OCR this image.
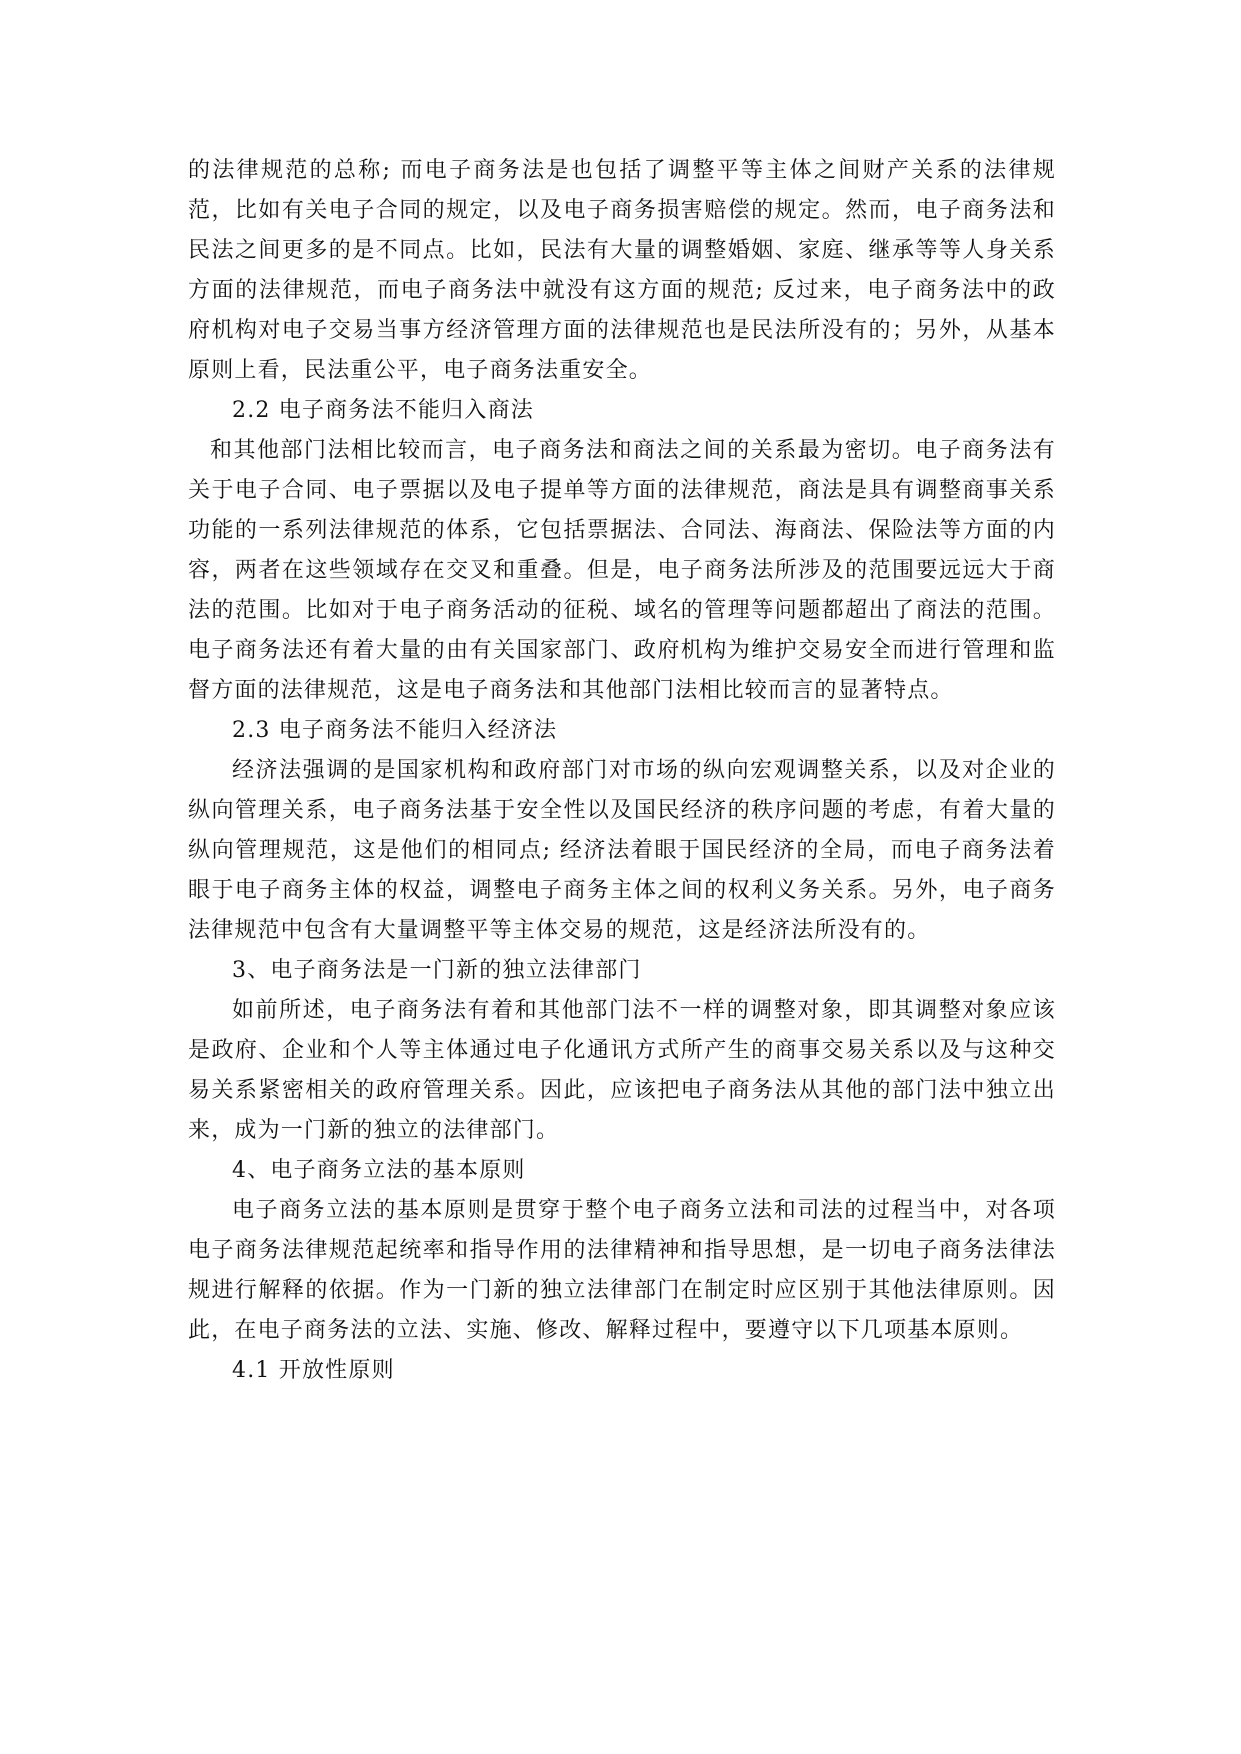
的法律规范的总称; 而电子商务法是也包括了调整平等主体之间财产关系的法律规范，比如有关电子合同的规定，以及电子商务损害赔偿的规定。然而，电子商务法和民法之间更多的是不同点。比如，民法有大量的调整婚姻、家庭、继承等等人身关系方面的法律规范，而电子商务法中就没有这方面的规范; 反过来，电子商务法中的政府机构对电子交易当事方经济管理方面的法律规范也是民法所没有的；另外，从基本原则上看，民法重公平，电子商务法重安全。

2.2 电子商务法不能归入商法

和其他部门法相比较而言，电子商务法和商法之间的关系最为密切。电子商务法有关于电子合同、电子票据以及电子提单等方面的法律规范，商法是具有调整商事关系功能的一系列法律规范的体系，它包括票据法、合同法、海商法、保险法等方面的内容，两者在这些领域存在交叉和重叠。但是，电子商务法所涉及的范围要远远大于商法的范围。比如对于电子商务活动的征税、域名的管理等问题都超出了商法的范围。电子商务法还有着大量的由有关国家部门、政府机构为维护交易安全而进行管理和监督方面的法律规范，这是电子商务法和其他部门法相比较而言的显著特点。

2.3 电子商务法不能归入经济法

经济法强调的是国家机构和政府部门对市场的纵向宏观调整关系，以及对企业的纵向管理关系，电子商务法基于安全性以及国民经济的秩序问题的考虑，有着大量的纵向管理规范，这是他们的相同点; 经济法着眼于国民经济的全局，而电子商务法着眼于电子商务主体的权益，调整电子商务主体之间的权利义务关系。另外，电子商务法律规范中包含有大量调整平等主体交易的规范，这是经济法所没有的。

3、电子商务法是一门新的独立法律部门

如前所述，电子商务法有着和其他部门法不一样的调整对象，即其调整对象应该是政府、企业和个人等主体通过电子化通讯方式所产生的商事交易关系以及与这种交易关系紧密相关的政府管理关系。因此，应该把电子商务法从其他的部门法中独立出来，成为一门新的独立的法律部门。

4、电子商务立法的基本原则

电子商务立法的基本原则是贯穿于整个电子商务立法和司法的过程当中，对各项电子商务法律规范起统率和指导作用的法律精神和指导思想，是一切电子商务法律法规进行解释的依据。作为一门新的独立法律部门在制定时应区别于其他法律原则。因此，在电子商务法的立法、实施、修改、解释过程中，要遵守以下几项基本原则。

4.1 开放性原则
